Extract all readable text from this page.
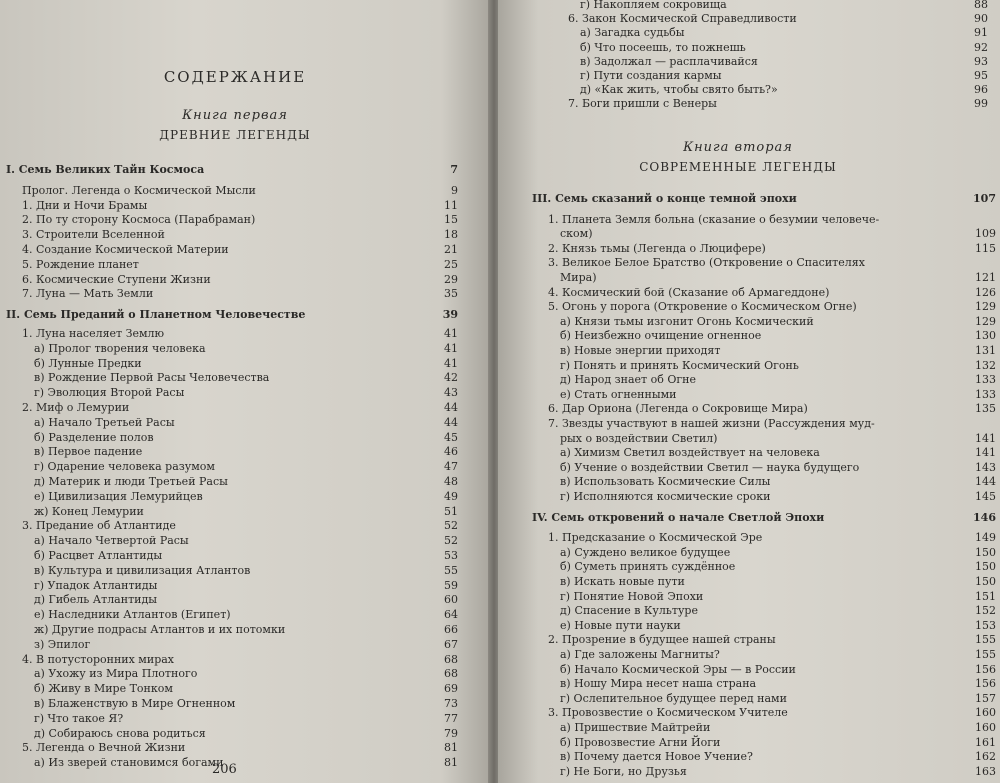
СОДЕРЖАНИЕ
Книга первая
ДРЕВНИЕ ЛЕГЕНДЫ
I. Семь Великих Тайн Космоса	7
Пролог. Легенда о Космической Мысли	9
1. Дни и Ночи Брамы	11
2. По ту сторону Космоса (Парабраман)	15
3. Строители Вселенной	18
4. Создание Космической Материи	21
5. Рождение планет	25
6. Космические Ступени Жизни	29
7. Луна — Мать Земли	35
II. Семь Преданий о Планетном Человечестве	39
1. Луна населяет Землю	41
а) Пролог творения человека	41
б) Лунные Предки	41
в) Рождение Первой Расы Человечества	42
г) Эволюция Второй Расы	43
2. Миф о Лемурии	44
а) Начало Третьей Расы	44
б) Разделение полов	45
в) Первое падение	46
г) Одарение человека разумом	47
д) Материк и люди Третьей Расы	48
е) Цивилизация Лемурийцев	49
ж) Конец Лемурии	51
3. Предание об Атлантиде	52
а) Начало Четвертой Расы	52
б) Расцвет Атлантиды	53
в) Культура и цивилизация Атлантов	55
г) Упадок Атлантиды	59
д) Гибель Атлантиды	60
е) Наследники Атлантов (Египет)	64
ж) Другие подрасы Атлантов и их потомки	66
з) Эпилог	67
4. В потусторонних мирах	68
а) Ухожу из Мира Плотного	68
б) Живу в Мире Тонком	69
в) Блаженствую в Мире Огненном	73
г) Что такое Я?	77
д) Собираюсь снова родиться	79
5. Легенда о Вечной Жизни	81
а) Из зверей становимся богами	81
206
г) Накопляем сокровища	88
6. Закон Космической Справедливости	90
а) Загадка судьбы	91
б) Что посеешь, то пожнешь	92
в) Задолжал — расплачивайся	93
г) Пути создания кармы	95
д) «Как жить, чтобы свято быть?»	96
7. Боги пришли с Венеры	99
Книга вторая
СОВРЕМЕННЫЕ ЛЕГЕНДЫ
III. Семь сказаний о конце темной эпохи	107
1. Планета Земля больна (сказание о безумии человече-
ском)	109
2. Князь тьмы (Легенда о Люцифере)	115
3. Великое Белое Братство (Откровение о Спасителях
Мира)	121
4. Космический бой (Сказание об Армагеддоне)	126
5. Огонь у порога (Откровение о Космическом Огне)	129
а) Князи тьмы изгонит Огонь Космический	129
б) Неизбежно очищение огненное	130
в) Новые энергии приходят	131
г) Понять и принять Космический Огонь	132
д) Народ знает об Огне	133
е) Стать огненными	133
6. Дар Ориона (Легенда о Сокровище Мира)	135
7. Звезды участвуют в нашей жизни (Рассуждения муд-
рых о воздействии Светил)	141
а) Химизм Светил воздействует на человека	141
б) Учение о воздействии Светил — наука будущего	143
в) Использовать Космические Силы	144
г) Исполняются космические сроки	145
IV. Семь откровений о начале Светлой Эпохи	146
1. Предсказание о Космической Эре	149
а) Суждено великое будущее	150
б) Суметь принять суждённое	150
в) Искать новые пути	150
г) Понятие Новой Эпохи	151
д) Спасение в Культуре	152
е) Новые пути науки	153
2. Прозрение в будущее нашей страны	155
а) Где заложены Магниты?	155
б) Начало Космической Эры — в России	156
в) Ношу Мира несет наша страна	156
г) Ослепительное будущее перед нами	157
3. Провозвестие о Космическом Учителе	160
а) Пришествие Майтрейи	160
б) Провозвестие Агни Йоги	161
в) Почему дается Новое Учение?	162
г) Не Боги, но Друзья	163
